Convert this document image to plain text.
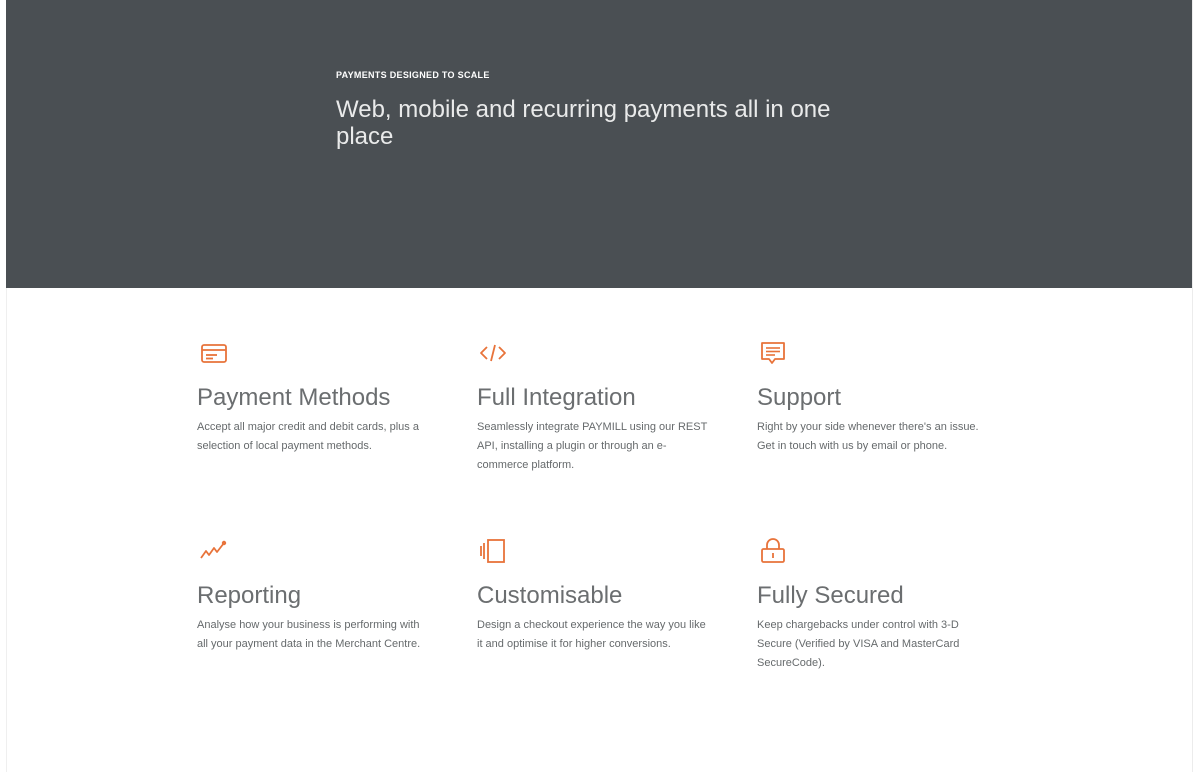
PAYMENTS DESIGNED TO SCALE
Web, mobile and recurring payments all in one place
Payment Methods

Accept all major credit and debit cards, plus a selection of local payment methods.

Full Integration

Seamlessly integrate PAYMILL using our REST API, installing a plugin or through an e-commerce platform.

Support

Right by your side whenever there's an issue. Get in touch with us by email or phone.

Reporting

Analyse how your business is performing with all your payment data in the Merchant Centre.

Customisable

Design a checkout experience the way you like it and optimise it for higher conversions.

Fully Secured

Keep chargebacks under control with 3-D Secure (Verified by VISA and MasterCard SecureCode).
